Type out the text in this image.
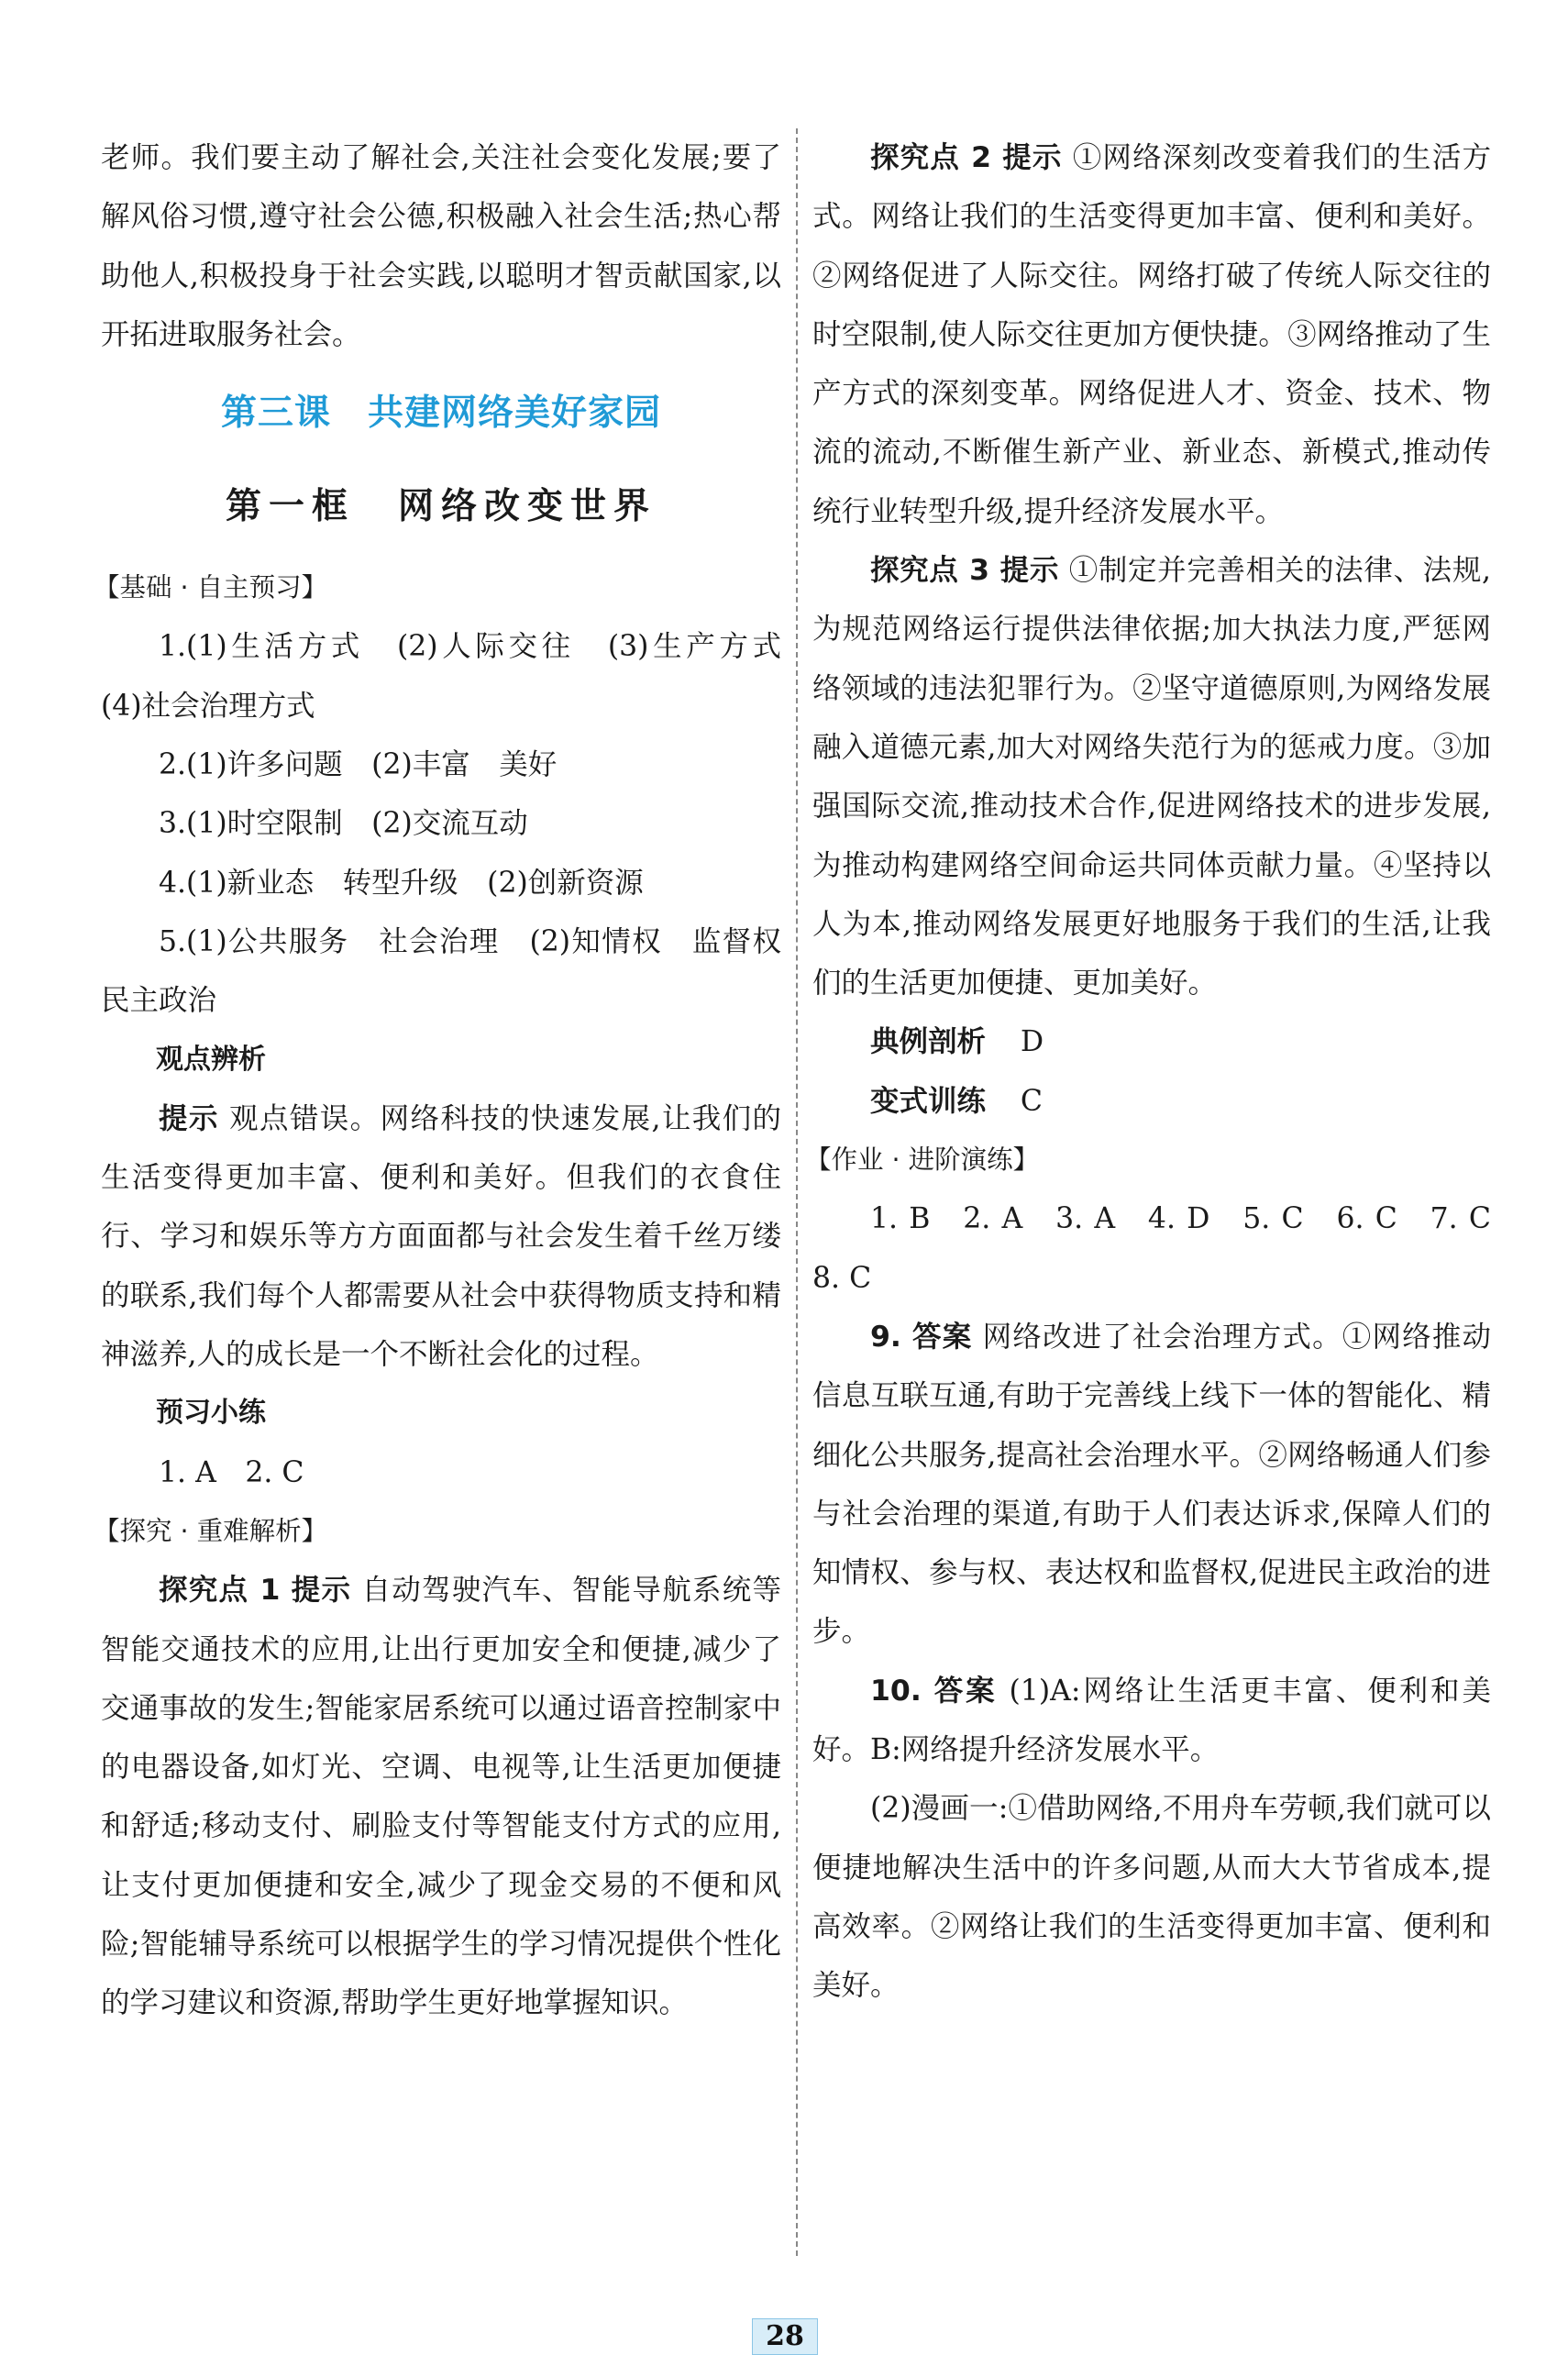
老师。我们要主动了解社会,关注社会变化发展;要了解风俗习惯,遵守社会公德,积极融入社会生活;热心帮助他人,积极投身于社会实践,以聪明才智贡献国家,以开拓进取服务社会。

第三课　共建网络美好家园
第一框　网络改变世界
【基础 · 自主预习】

1.(1)生活方式　(2)人际交往　(3)生产方式　(4)社会治理方式

2.(1)许多问题　(2)丰富　美好

3.(1)时空限制　(2)交流互动

4.(1)新业态　转型升级　(2)创新资源

5.(1)公共服务　社会治理　(2)知情权　监督权　民主政治

观点辨析

提示 观点错误。网络科技的快速发展,让我们的生活变得更加丰富、便利和美好。但我们的衣食住行、学习和娱乐等方方面面都与社会发生着千丝万缕的联系,我们每个人都需要从社会中获得物质支持和精神滋养,人的成长是一个不断社会化的过程。

预习小练

1. A　2. C

【探究 · 重难解析】

探究点 1 提示 自动驾驶汽车、智能导航系统等智能交通技术的应用,让出行更加安全和便捷,减少了交通事故的发生;智能家居系统可以通过语音控制家中的电器设备,如灯光、空调、电视等,让生活更加便捷和舒适;移动支付、刷脸支付等智能支付方式的应用,让支付更加便捷和安全,减少了现金交易的不便和风险;智能辅导系统可以根据学生的学习情况提供个性化的学习建议和资源,帮助学生更好地掌握知识。

探究点 2 提示 ①网络深刻改变着我们的生活方式。网络让我们的生活变得更加丰富、便利和美好。②网络促进了人际交往。网络打破了传统人际交往的时空限制,使人际交往更加方便快捷。③网络推动了生产方式的深刻变革。网络促进人才、资金、技术、物流的流动,不断催生新产业、新业态、新模式,推动传统行业转型升级,提升经济发展水平。

探究点 3 提示 ①制定并完善相关的法律、法规,为规范网络运行提供法律依据;加大执法力度,严惩网络领域的违法犯罪行为。②坚守道德原则,为网络发展融入道德元素,加大对网络失范行为的惩戒力度。③加强国际交流,推动技术合作,促进网络技术的进步发展,为推动构建网络空间命运共同体贡献力量。④坚持以人为本,推动网络发展更好地服务于我们的生活,让我们的生活更加便捷、更加美好。

典例剖析 D

变式训练 C

【作业 · 进阶演练】

1. B　2. A　3. A　4. D　5. C　6. C　7. C　8. C

9. 答案 网络改进了社会治理方式。①网络推动信息互联互通,有助于完善线上线下一体的智能化、精细化公共服务,提高社会治理水平。②网络畅通人们参与社会治理的渠道,有助于人们表达诉求,保障人们的知情权、参与权、表达权和监督权,促进民主政治的进步。

10. 答案 (1)A:网络让生活更丰富、便利和美好。B:网络提升经济发展水平。

(2)漫画一:①借助网络,不用舟车劳顿,我们就可以便捷地解决生活中的许多问题,从而大大节省成本,提高效率。②网络让我们的生活变得更加丰富、便利和美好。

28
